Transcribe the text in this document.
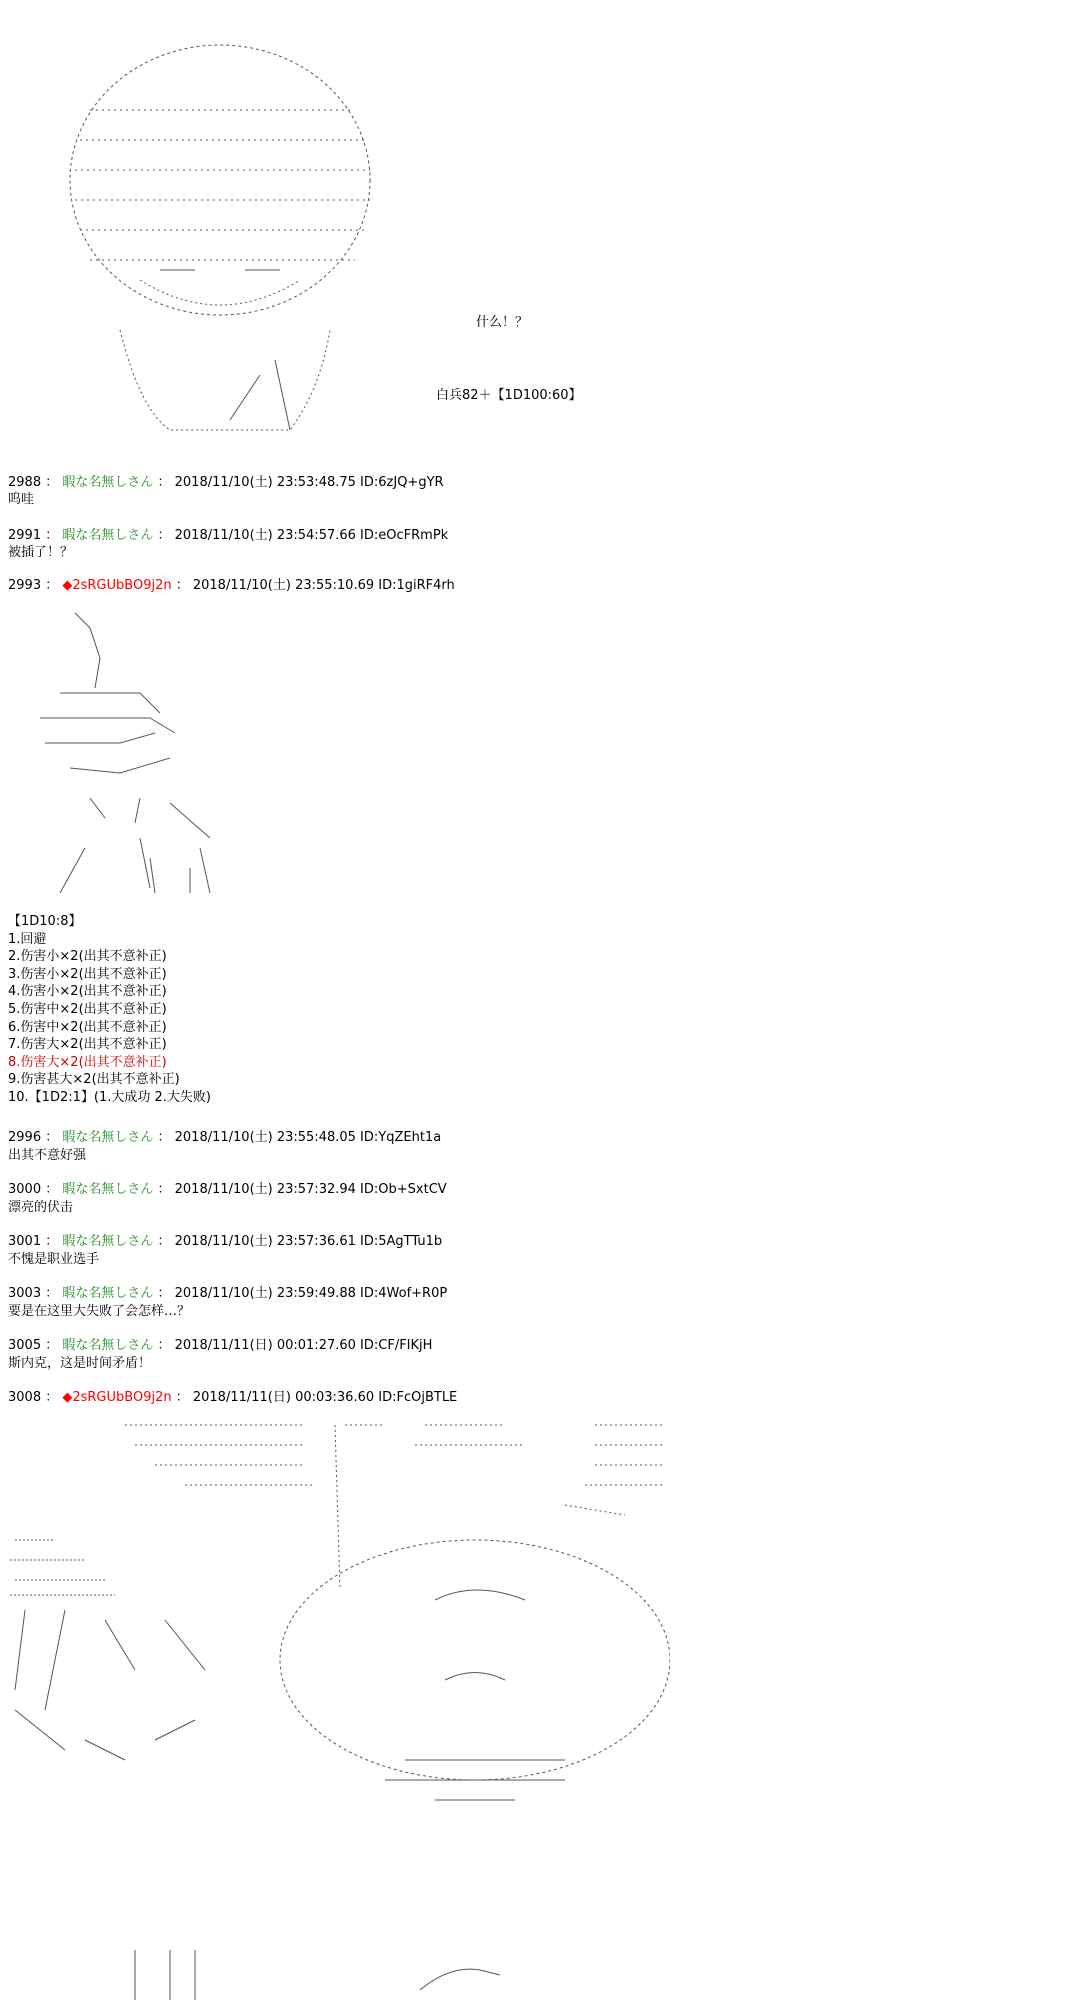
什么！？
白兵82＋【1D100:60】
2988 ： 暇な名無しさん ： 2018/11/10(土) 23:53:48.75 ID:6zJQ+gYR
呜哇
2991 ： 暇な名無しさん ： 2018/11/10(土) 23:54:57.66 ID:eOcFRmPk
被插了！？
2993 ： ◆2sRGUbBO9j2n ： 2018/11/10(土) 23:55:10.69 ID:1giRF4rh
【1D10:8】
1.回避
2.伤害小×2(出其不意补正)
3.伤害小×2(出其不意补正)
4.伤害小×2(出其不意补正)
5.伤害中×2(出其不意补正)
6.伤害中×2(出其不意补正)
7.伤害大×2(出其不意补正)
8.伤害大×2(出其不意补正)
9.伤害甚大×2(出其不意补正)
10.【1D2:1】(1.大成功 2.大失败)
2996 ： 暇な名無しさん ： 2018/11/10(土) 23:55:48.05 ID:YqZEht1a
出其不意好强
3000 ： 暇な名無しさん ： 2018/11/10(土) 23:57:32.94 ID:Ob+SxtCV
漂亮的伏击
3001 ： 暇な名無しさん ： 2018/11/10(土) 23:57:36.61 ID:5AgTTu1b
不愧是职业选手
3003 ： 暇な名無しさん ： 2018/11/10(土) 23:59:49.88 ID:4Wof+R0P
要是在这里大失败了会怎样…？
3005 ： 暇な名無しさん ： 2018/11/11(日) 00:01:27.60 ID:CF/FIKjH
斯内克，这是时间矛盾！
3008 ： ◆2sRGUbBO9j2n ： 2018/11/11(日) 00:03:36.60 ID:FcOjBTLE
